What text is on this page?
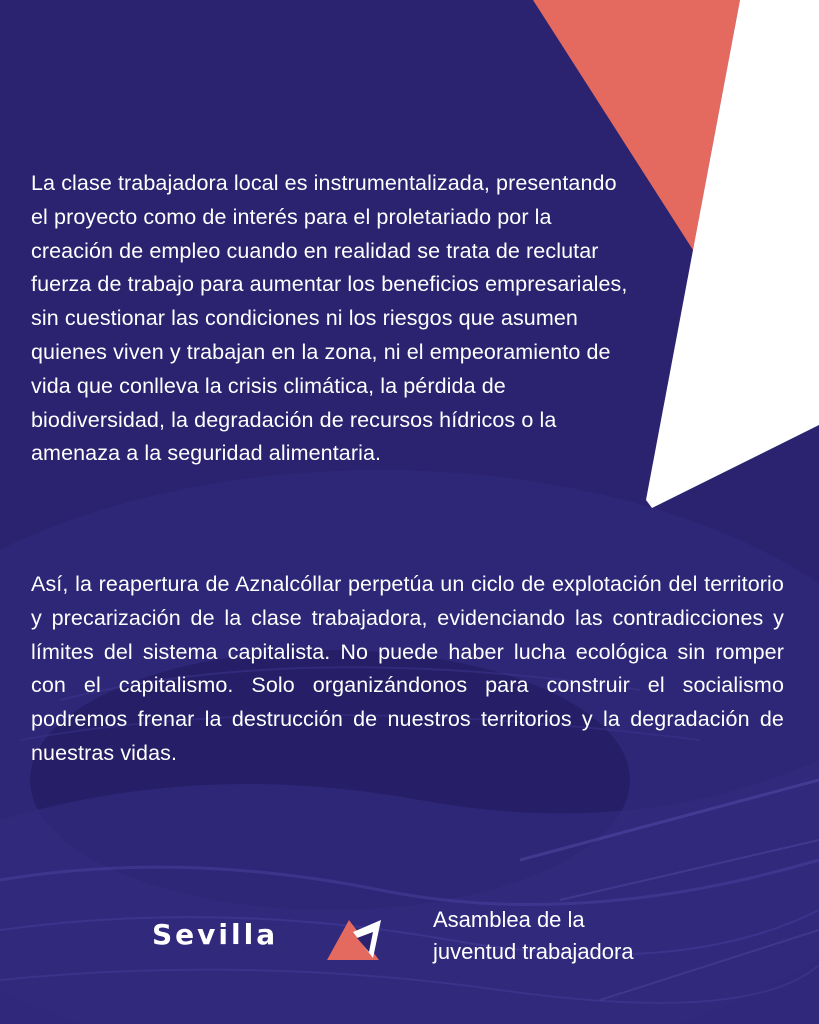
La clase trabajadora local es instrumentalizada, presentando el proyecto como de interés para el proletariado por la creación de empleo cuando en realidad se trata de reclutar fuerza de trabajo para aumentar los beneficios empresariales, sin cuestionar las condiciones ni los riesgos que asumen quienes viven y trabajan en la zona, ni el empeoramiento de vida que conlleva la crisis climática, la pérdida de biodiversidad, la degradación de recursos hídricos o la amenaza a la seguridad alimentaria.

Así, la reapertura de Aznalcóllar perpetúa un ciclo de explotación del territorio y precarización de la clase trabajadora, evidenciando las contradicciones y límites del sistema capitalista. No puede haber lucha ecológica sin romper con el capitalismo. Solo organizándonos para construir el socialismo podremos frenar la destrucción de nuestros territorios y la degradación de nuestras vidas.

Sevilla	Asamblea de la
juventud trabajadora
